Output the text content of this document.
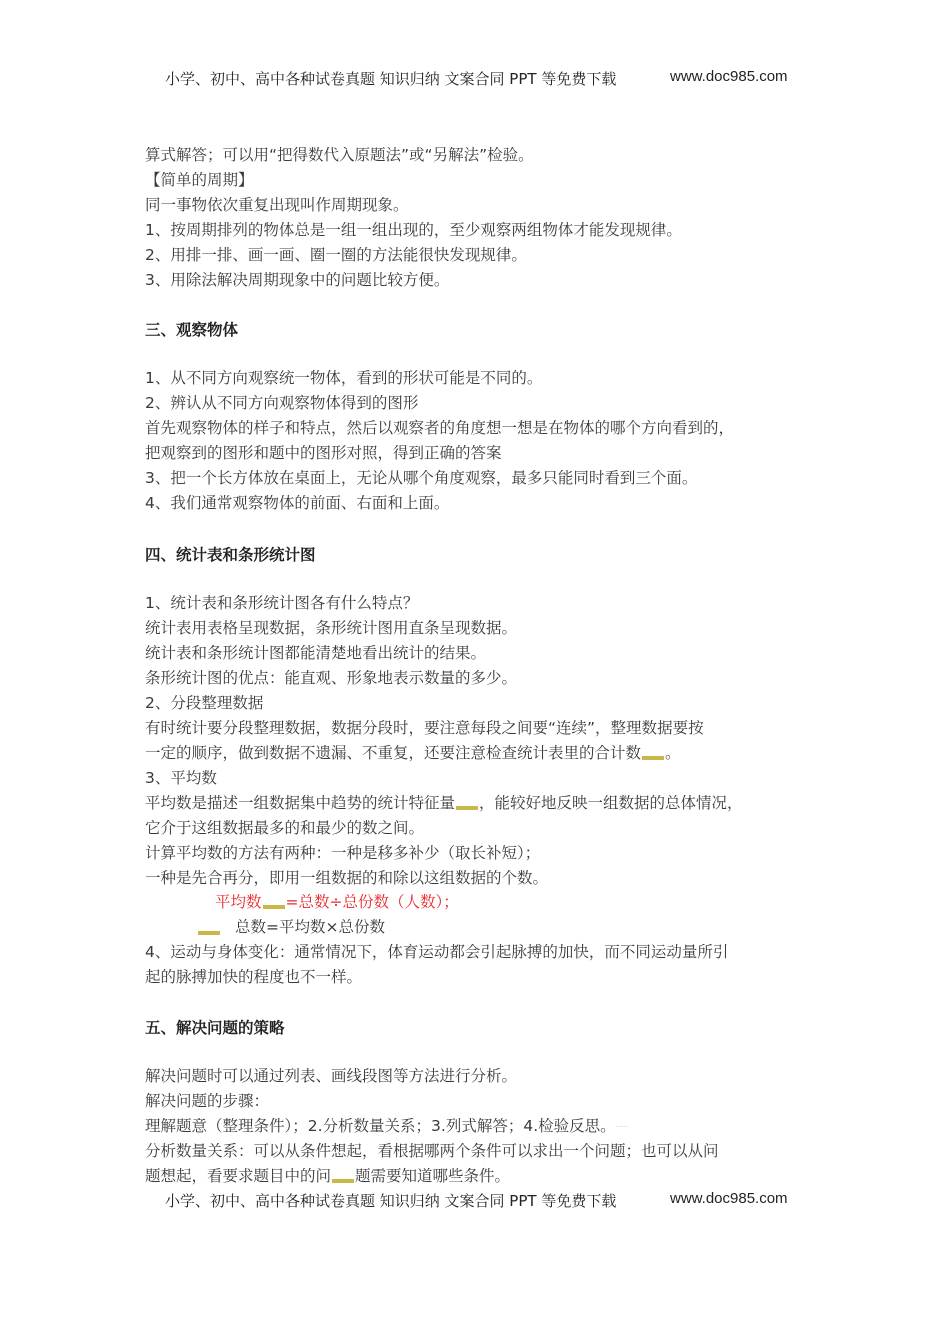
小学、初中、高中各种试卷真题 知识归纳 文案合同 PPT 等免费下载	www.doc985.com
算式解答；可以用“把得数代入原题法”或“另解法”检验。
【简单的周期】
同一事物依次重复出现叫作周期现象。
1、按周期排列的物体总是一组一组出现的，至少观察两组物体才能发现规律。
2、用排一排、画一画、圈一圈的方法能很快发现规律。
3、用除法解决周期现象中的问题比较方便。
三、观察物体
1、从不同方向观察统一物体，看到的形状可能是不同的。
2、辨认从不同方向观察物体得到的图形
首先观察物体的样子和特点，然后以观察者的角度想一想是在物体的哪个方向看到的，
把观察到的图形和题中的图形对照，得到正确的答案
3、把一个长方体放在桌面上，无论从哪个角度观察，最多只能同时看到三个面。
4、我们通常观察物体的前面、右面和上面。
四、统计表和条形统计图
1、统计表和条形统计图各有什么特点？
统计表用表格呈现数据，条形统计图用直条呈现数据。
统计表和条形统计图都能清楚地看出统计的结果。
条形统计图的优点：能直观、形象地表示数量的多少。
2、分段整理数据
有时统计要分段整理数据，数据分段时，要注意每段之间要“连续”，整理数据要按
一定的顺序，做到数据不遗漏、不重复，还要注意检查统计表里的合计数 。
3、平均数
平均数是描述一组数据集中趋势的统计特征量 ，能较好地反映一组数据的总体情况，
它介于这组数据最多的和最少的数之间。
计算平均数的方法有两种：一种是移多补少（取长补短）；
一种是先合再分，即用一组数据的和除以这组数据的个数。
平均数 =总数÷总份数（人数）；
总数=平均数×总份数
4、运动与身体变化：通常情况下，体育运动都会引起脉搏的加快，而不同运动量所引
起的脉搏加快的程度也不一样。
五、解决问题的策略
解决问题时可以通过列表、画线段图等方法进行分析。
解决问题的步骤：
理解题意（整理条件）；2.分析数量关系；3.列式解答；4.检验反思。 ··········
分析数量关系：可以从条件想起，看根据哪两个条件可以求出一个问题；也可以从问
题想起，看要求题目中的问 题需要知道哪些条件。
小学、初中、高中各种试卷真题 知识归纳 文案合同 PPT 等免费下载	www.doc985.com
